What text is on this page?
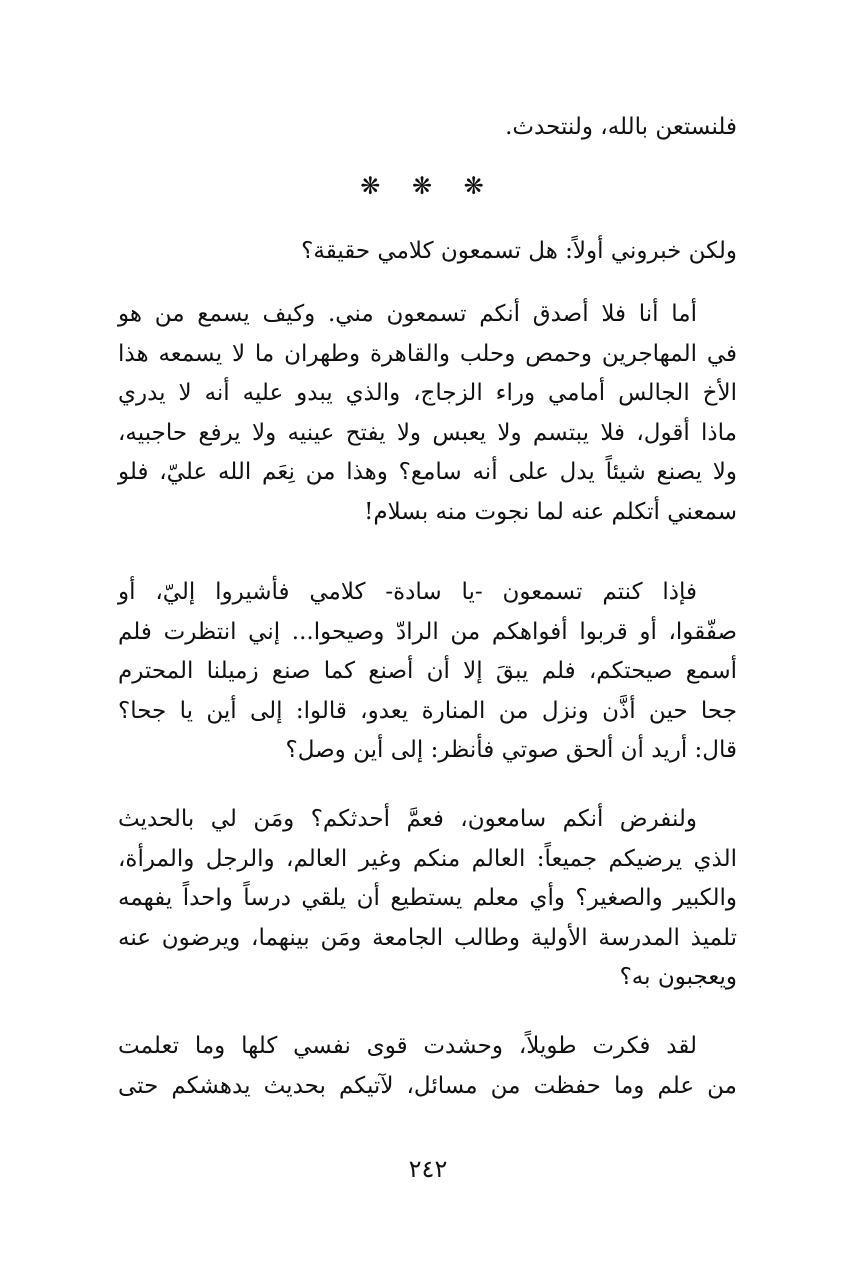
فلنستعن بالله، ولنتحدث.
❋ ❋ ❋
ولكن خبروني أولاً: هل تسمعون كلامي حقيقة؟
أما أنا فلا أصدق أنكم تسمعون مني. وكيف يسمع من هو
في المهاجرين وحمص وحلب والقاهرة وطهران ما لا يسمعه هذا
الأخ الجالس أمامي وراء الزجاج، والذي يبدو عليه أنه لا يدري
ماذا أقول، فلا يبتسم ولا يعبس ولا يفتح عينيه ولا يرفع حاجبيه،
ولا يصنع شيئاً يدل على أنه سامع؟ وهذا من نِعَم الله عليّ، فلو
سمعني أتكلم عنه لما نجوت منه بسلام!
فإذا كنتم تسمعون -يا سادة- كلامي فأشيروا إليّ، أو
صفّقوا، أو قربوا أفواهكم من الرادّ وصيحوا... إني انتظرت فلم
أسمع صيحتكم، فلم يبقَ إلا أن أصنع كما صنع زميلنا المحترم
جحا حين أذَّن ونزل من المنارة يعدو، قالوا: إلى أين يا جحا؟
قال: أريد أن ألحق صوتي فأنظر: إلى أين وصل؟
ولنفرض أنكم سامعون، فعمَّ أحدثكم؟ ومَن لي بالحديث
الذي يرضيكم جميعاً: العالم منكم وغير العالم، والرجل والمرأة،
والكبير والصغير؟ وأي معلم يستطيع أن يلقي درساً واحداً يفهمه
تلميذ المدرسة الأولية وطالب الجامعة ومَن بينهما، ويرضون عنه
ويعجبون به؟
لقد فكرت طويلاً، وحشدت قوى نفسي كلها وما تعلمت
من علم وما حفظت من مسائل، لآتيكم بحديث يدهشكم حتى
٢٤٢
